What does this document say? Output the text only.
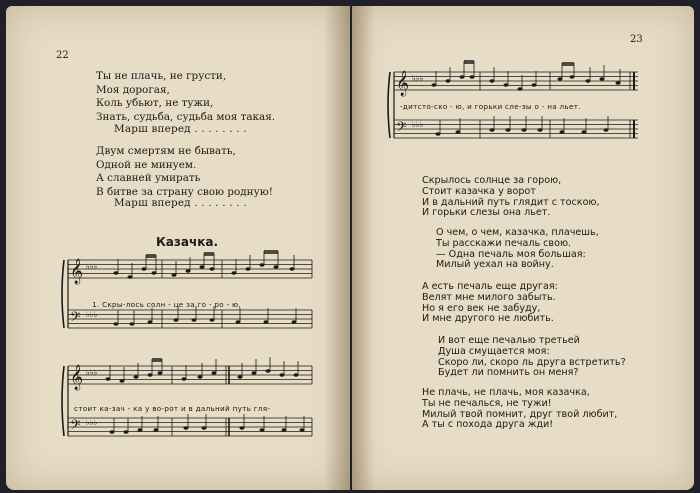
22
Ты не плачь, не грусти,
Моя дорогая,
Коль убьют, не тужи,
Знать, судьба, судьба моя такая.
Марш вперед . . . . . . . .
Двум смертям не бывать,
Одной не минуем.
А славней умирать
В битве за страну свою родную!
Марш вперед . . . . . . . .
Казачка.
𝄞
𝄢
♭♭♭
♭♭♭
1. Скры-лось солн - це за го - ро - ю,
𝄞
𝄢
♭♭♭
♭♭♭
стоит ка-зач - ка у во-рот и в дальний путь гля-
23
𝄞
𝄢
♭♭♭
♭♭♭
-дитсто-ско - ю, и горьки сле-зы о - на льет.
Скрылось солнце за горою,
Стоит казачка у ворот
И в дальний путь глядит с тоскою,
И горьки слезы она льет.
О чем, о чем, казачка, плачешь,
Ты расскажи печаль свою.
— Одна печаль моя большая:
Милый уехал на войну.
А есть печаль еще другая:
Велят мне милого забыть.
Но я его век не забуду,
И мне другого не любить.
И вот еще печалью третьей
Душа смущается моя:
Скоро ли, скоро ль друга встретить?
Будет ли помнить он меня?
Не плачь, не плачь, моя казачка,
Ты не печалься, не тужи!
Милый твой помнит, друг твой любит,
А ты с похода друга жди!
